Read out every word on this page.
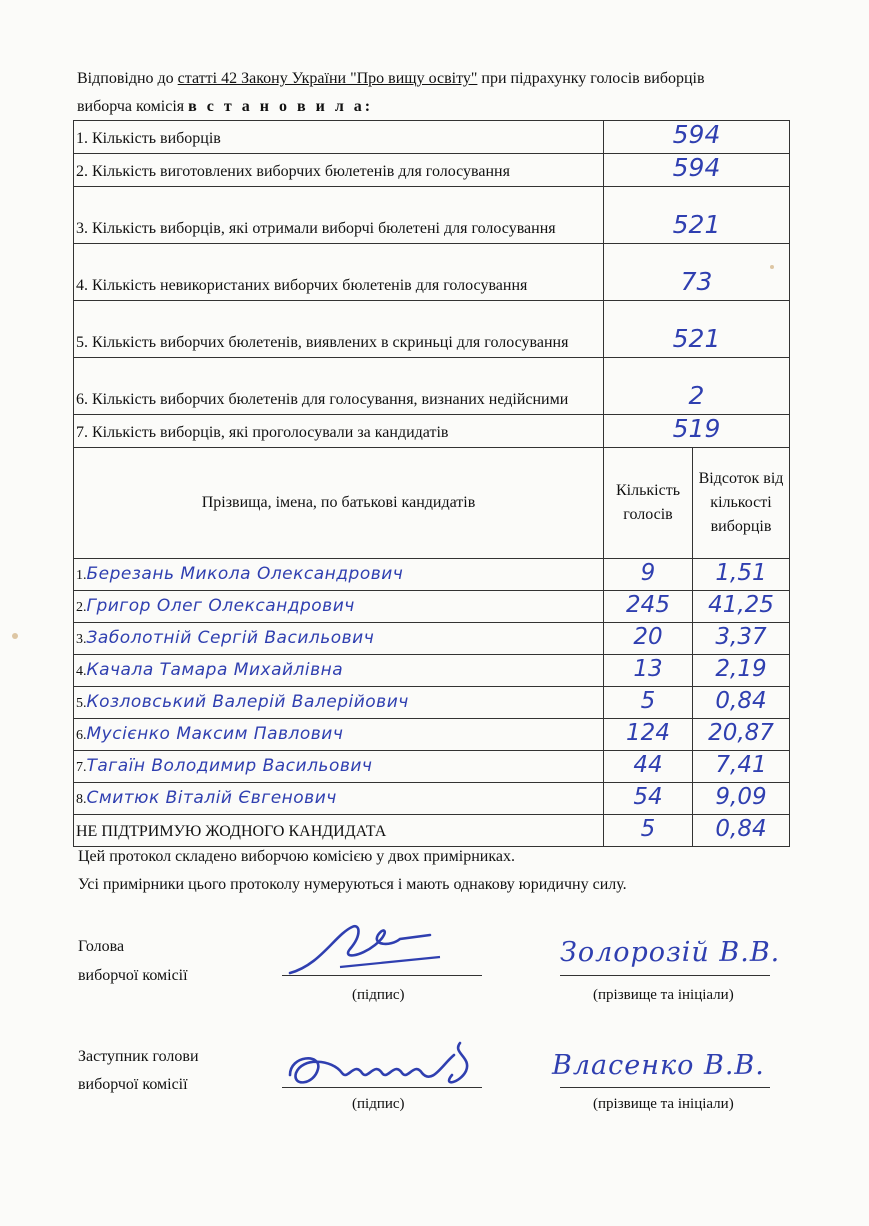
Відповідно до статті 42 Закону України "Про вищу освіту" при підрахунку голосів виборців
виборча комісія в с т а н о в и л а:
1. Кількість виборців	594	
2. Кількість виготовлених виборчих бюлетенів для голосування	594	
3. Кількість виборців, які отримали виборчі бюлетені для голосування	521	
4. Кількість невикористаних виборчих бюлетенів для голосування	73	
5. Кількість виборчих бюлетенів, виявлених в скриньці для голосування	521	
6. Кількість виборчих бюлетенів для голосування, визнаних недійсними	2	
7. Кількість виборців, які проголосували за кандидатів	519	
Прізвища, імена, по батькові кандидатів	Кількість голосів	Відсоток від кількості виборців
1.Березань Микола Олександрович	9	1,51
2.Григор Олег Олександрович	245	41,25
3.Заболотній Сергій Васильович	20	3,37
4.Качала Тамара Михайлівна	13	2,19
5.Козловський Валерій Валерійович	5	0,84
6.Мусієнко Максим Павлович	124	20,87
7.Тагаїн Володимир Васильович	44	7,41
8.Смитюк Віталій Євгенович	54	9,09
НЕ ПІДТРИМУЮ ЖОДНОГО КАНДИДАТА	5	0,84
Цей протокол складено виборчою комісією у двох примірниках.
Усі примірники цього протоколу нумеруються і мають однакову юридичну силу.
Голова
виборчої комісії
(підпис)
Золорозій В.В.
(прізвище та ініціали)
Заступник голови
виборчої комісії
(підпис)
Власенко В.В.
(прізвище та ініціали)
